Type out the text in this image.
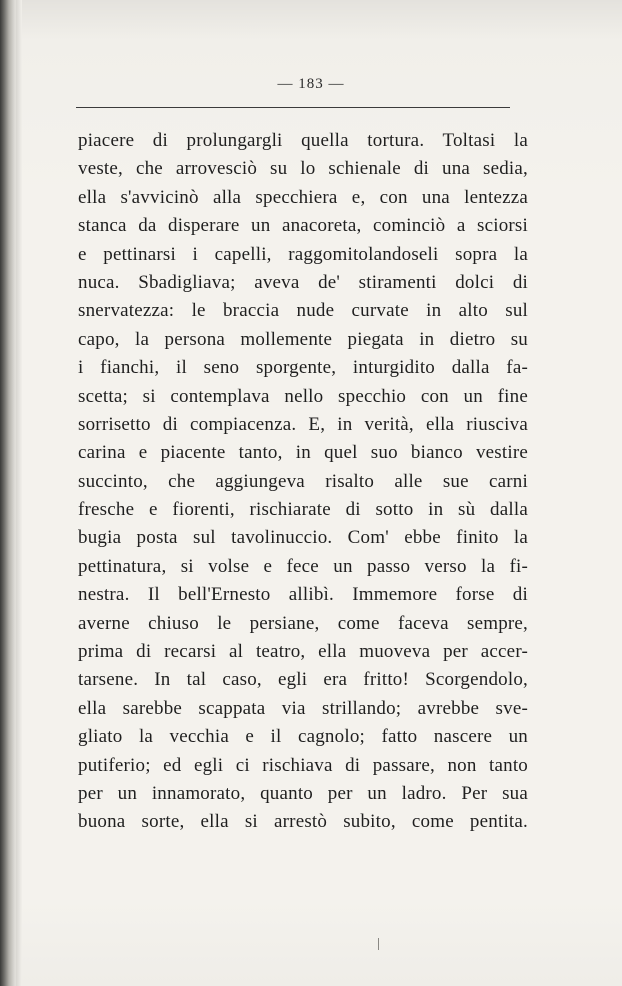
— 183 —
piacere di prolungargli quella tortura. Toltasi la
veste, che arrovesciò su lo schienale di una sedia,
ella s'avvicinò alla specchiera e, con una lentezza
stanca da disperare un anacoreta, cominciò a sciorsi
e pettinarsi i capelli, raggomitolandoseli sopra la
nuca. Sbadigliava; aveva de' stiramenti dolci di
snervatezza: le braccia nude curvate in alto sul
capo, la persona mollemente piegata in dietro su
i fianchi, il seno sporgente, inturgidito dalla fa-
scetta; si contemplava nello specchio con un fine
sorrisetto di compiacenza. E, in verità, ella riusciva
carina e piacente tanto, in quel suo bianco vestire
succinto, che aggiungeva risalto alle sue carni
fresche e fiorenti, rischiarate di sotto in sù dalla
bugia posta sul tavolinuccio. Com' ebbe finito la
pettinatura, si volse e fece un passo verso la fi-
nestra. Il bell'Ernesto allibì. Immemore forse di
averne chiuso le persiane, come faceva sempre,
prima di recarsi al teatro, ella muoveva per accer-
tarsene. In tal caso, egli era fritto! Scorgendolo,
ella sarebbe scappata via strillando; avrebbe sve-
gliato la vecchia e il cagnolo; fatto nascere un
putiferio; ed egli ci rischiava di passare, non tanto
per un innamorato, quanto per un ladro. Per sua
buona sorte, ella si arrestò subito, come pentita.
